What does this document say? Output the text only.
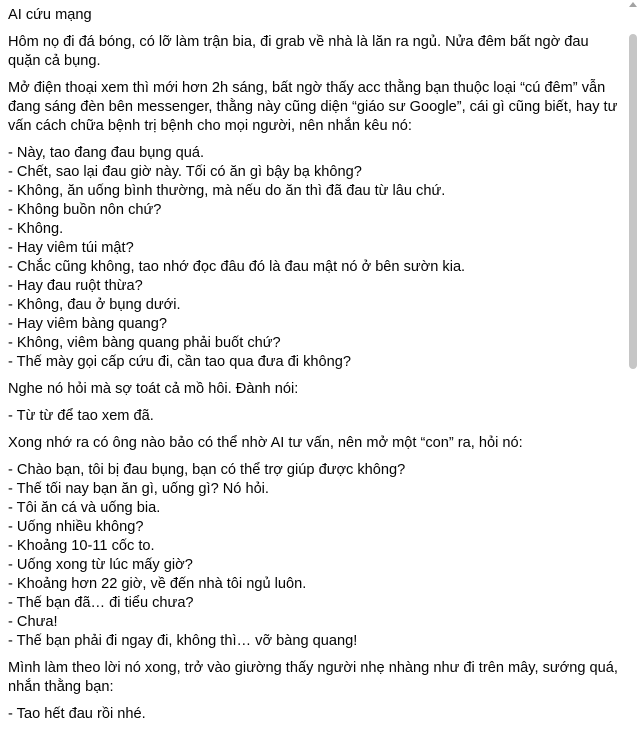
AI cứu mạng

Hôm nọ đi đá bóng, có lỡ làm trận bia, đi grab về nhà là lăn ra ngủ. Nửa đêm bất ngờ đau quặn cả bụng.

Mở điện thoại xem thì mới hơn 2h sáng, bất ngờ thấy acc thằng bạn thuộc loại “cú đêm” vẫn đang sáng đèn bên messenger, thằng này cũng diện “giáo sư Google”, cái gì cũng biết, hay tư vấn cách chữa bệnh trị bệnh cho mọi người, nên nhắn kêu nó:

- Này, tao đang đau bụng quá.
- Chết, sao lại đau giờ này. Tối có ăn gì bậy bạ không?
- Không, ăn uống bình thường, mà nếu do ăn thì đã đau từ lâu chứ.
- Không buồn nôn chứ?
- Không.
- Hay viêm túi mật?
- Chắc cũng không, tao nhớ đọc đâu đó là đau mật nó ở bên sườn kia.
- Hay đau ruột thừa?
- Không, đau ở bụng dưới.
- Hay viêm bàng quang?
- Không, viêm bàng quang phải buốt chứ?
- Thế mày gọi cấp cứu đi, cần tao qua đưa đi không?

Nghe nó hỏi mà sợ toát cả mồ hôi. Đành nói:

- Từ từ để tao xem đã.

Xong nhớ ra có ông nào bảo có thể nhờ AI tư vấn, nên mở một “con” ra, hỏi nó:

- Chào bạn, tôi bị đau bụng, bạn có thể trợ giúp được không?
- Thế tối nay bạn ăn gì, uống gì? Nó hỏi.
- Tôi ăn cá và uống bia.
- Uống nhiều không?
- Khoảng 10-11 cốc to.
- Uống xong từ lúc mấy giờ?
- Khoảng hơn 22 giờ, về đến nhà tôi ngủ luôn.
- Thế bạn đã… đi tiểu chưa?
- Chưa!
- Thế bạn phải đi ngay đi, không thì… vỡ bàng quang!

Mình làm theo lời nó xong, trở vào giường thấy người nhẹ nhàng như đi trên mây, sướng quá, nhắn thằng bạn:

- Tao hết đau rồi nhé.
